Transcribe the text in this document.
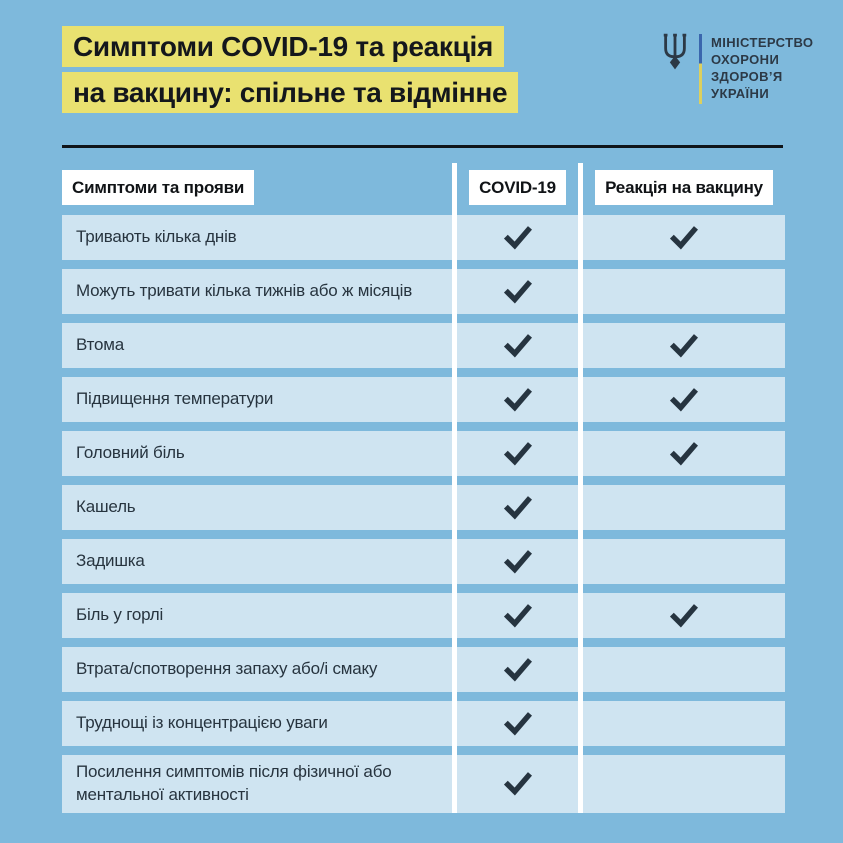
Симптоми COVID-19 та реакція
на вакцину: спільне та відмінне
МІНІСТЕРСТВО
ОХОРОНИ
ЗДОРОВ’Я
УКРАЇНИ
Симптоми та прояви	COVID-19	Реакція на вакцину
Тривають кілька днів
Можуть тривати кілька тижнів або ж місяців
Втома
Підвищення температури
Головний біль
Кашель
Задишка
Біль у горлі
Втрата/спотворення запаху або/і смаку
Труднощі із концентрацією уваги
Посилення симптомів після фізичної або ментальної активності
